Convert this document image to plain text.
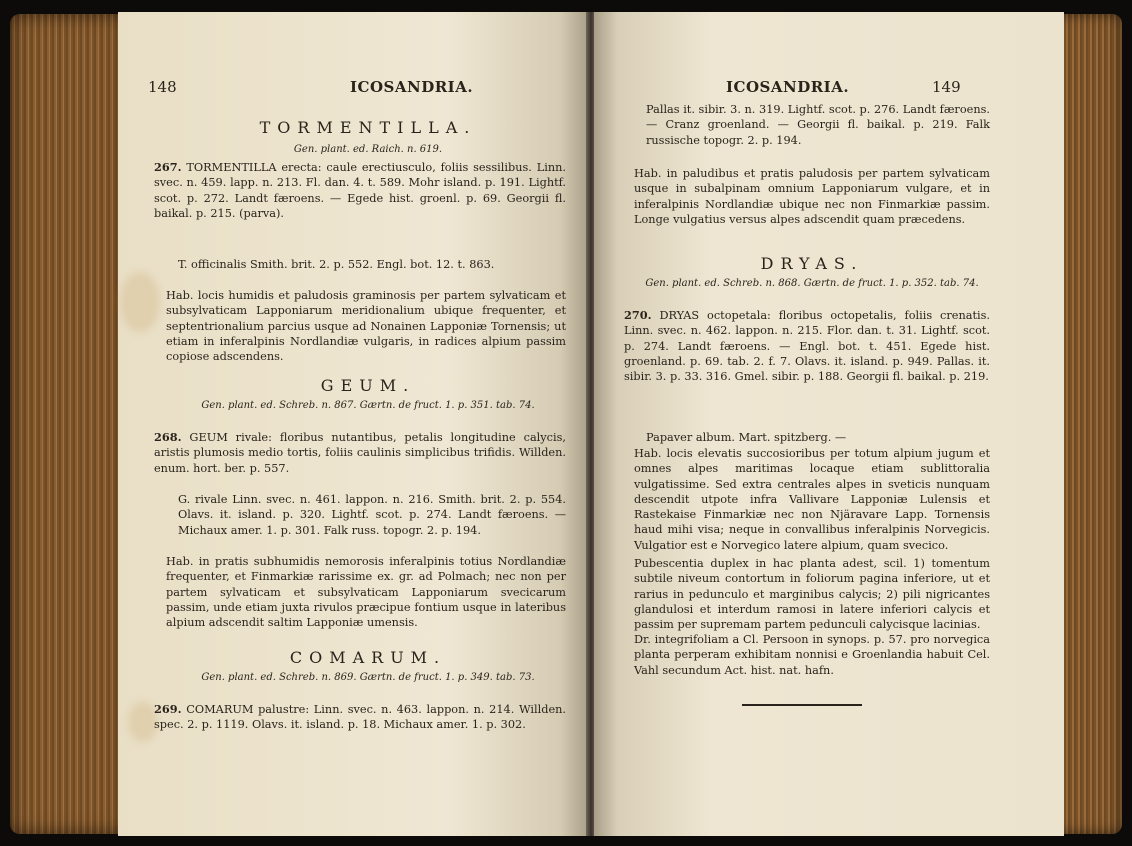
148	ICOSANDRIA.
TORMENTILLA.
Gen. plant. ed. Raich. n. 619.
267. TORMENTILLA erecta: caule erectiusculo, foliis sessilibus. Linn. svec. n. 459. lapp. n. 213. Fl. dan. 4. t. 589. Mohr island. p. 191. Lightf. scot. p. 272. Landt færoens. — Egede hist. groenl. p. 69. Georgii fl. baikal. p. 215. (parva).
T. officinalis Smith. brit. 2. p. 552. Engl. bot. 12. t. 863.
Hab. locis humidis et paludosis graminosis per partem sylvaticam et subsylvaticam Lapponiarum meridionalium ubique frequenter, et septentrionalium parcius usque ad Nonainen Lapponiæ Tornensis; ut etiam in inferalpinis Nordlandiæ vulgaris, in radices alpium passim copiose adscendens.
GEUM.
Gen. plant. ed. Schreb. n. 867. Gærtn. de fruct. 1. p. 351. tab. 74.
268. GEUM rivale: floribus nutantibus, petalis longitudine calycis, aristis plumosis medio tortis, foliis caulinis simplicibus trifidis. Willden. enum. hort. ber. p. 557.
G. rivale Linn. svec. n. 461. lappon. n. 216. Smith. brit. 2. p. 554. Olavs. it. island. p. 320. Lightf. scot. p. 274. Landt færoens. — Michaux amer. 1. p. 301. Falk russ. topogr. 2. p. 194.
Hab. in pratis subhumidis nemorosis inferalpinis totius Nordlandiæ frequenter, et Finmarkiæ rarissime ex. gr. ad Polmach; nec non per partem sylvaticam et subsylvaticam Lapponiarum svecicarum passim, unde etiam juxta rivulos præcipue fontium usque in lateribus alpium adscendit saltim Lapponiæ umensis.
COMARUM.
Gen. plant. ed. Schreb. n. 869. Gærtn. de fruct. 1. p. 349. tab. 73.
269. COMARUM palustre: Linn. svec. n. 463. lappon. n. 214. Willden. spec. 2. p. 1119. Olavs. it. island. p. 18. Michaux amer. 1. p. 302.
ICOSANDRIA.	149
Pallas it. sibir. 3. n. 319. Lightf. scot. p. 276. Landt færoens. — Cranz groenland. — Georgii fl. baikal. p. 219. Falk russische topogr. 2. p. 194.
Hab. in paludibus et pratis paludosis per partem sylvaticam usque in subalpinam omnium Lapponiarum vulgare, et in inferalpinis Nordlandiæ ubique nec non Finmarkiæ passim. Longe vulgatius versus alpes adscendit quam præcedens.
DRYAS.
Gen. plant. ed. Schreb. n. 868. Gærtn. de fruct. 1. p. 352. tab. 74.
270. DRYAS octopetala: floribus octopetalis, foliis crenatis. Linn. svec. n. 462. lappon. n. 215. Flor. dan. t. 31. Lightf. scot. p. 274. Landt færoens. — Engl. bot. t. 451. Egede hist. groenland. p. 69. tab. 2. f. 7. Olavs. it. island. p. 949. Pallas. it. sibir. 3. p. 33. 316. Gmel. sibir. p. 188. Georgii fl. baikal. p. 219.
Papaver album. Mart. spitzberg. —
Hab. locis elevatis succosioribus per totum alpium jugum et omnes alpes maritimas locaque etiam sublittoralia vulgatissime. Sed extra centrales alpes in sveticis nunquam descendit utpote infra Vallivare Lapponiæ Lulensis et Rastekaise Finmarkiæ nec non Njäravare Lapp. Tornensis haud mihi visa; neque in convallibus inferalpinis Norvegicis. Vulgatior est e Norvegico latere alpium, quam svecico.
Pubescentia duplex in hac planta adest, scil. 1) tomentum subtile niveum contortum in foliorum pagina inferiore, ut et rarius in pedunculo et marginibus calycis; 2) pili nigricantes glandulosi et interdum ramosi in latere inferiori calycis et passim per supremam partem pedunculi calycisque lacinias.
Dr. integrifoliam a Cl. Persoon in synops. p. 57. pro norvegica planta perperam exhibitam nonnisi e Groenlandia habuit Cel. Vahl secundum Act. hist. nat. hafn.
